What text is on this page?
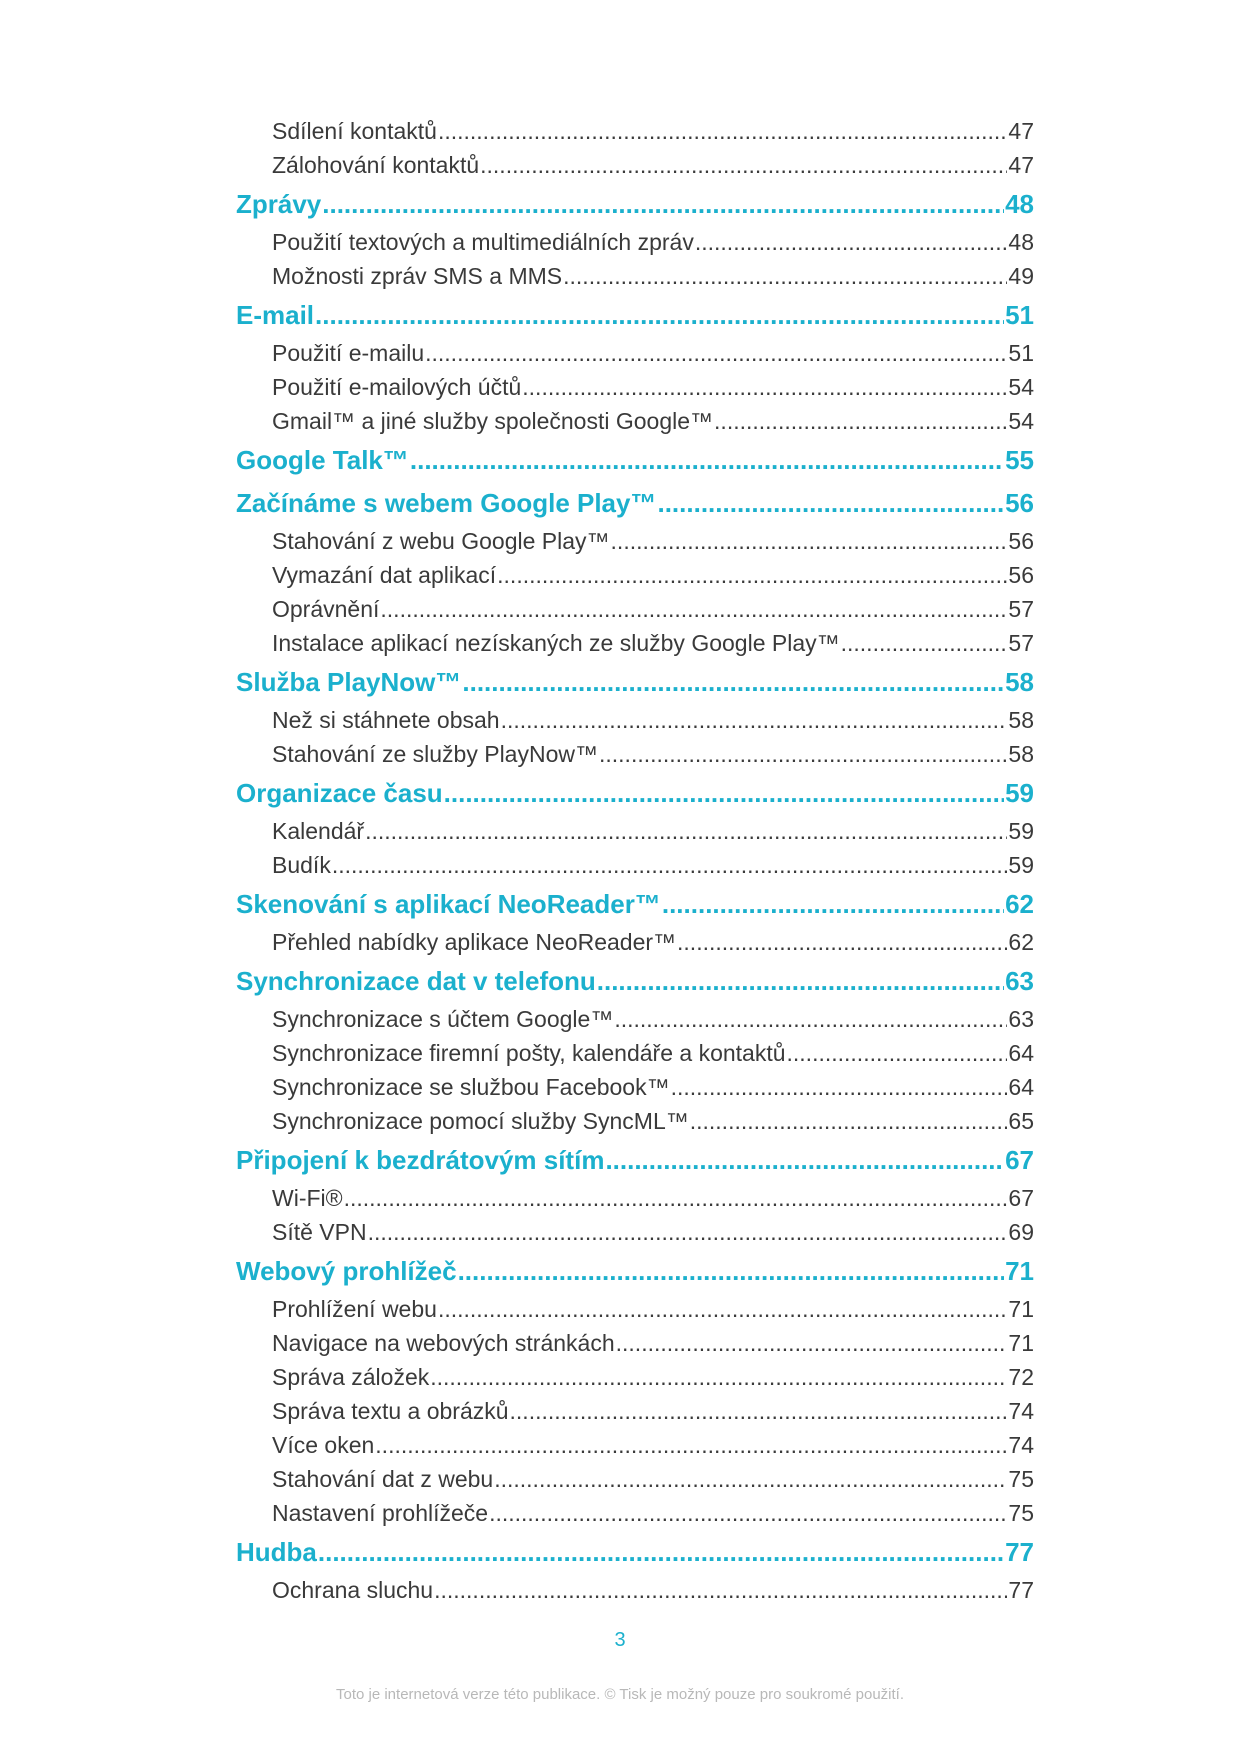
Sdílení kontaktů .....	47
Zálohování kontaktů .....	47
Zprávy .....	48
Použití textových a multimediálních zpráv .....	48
Možnosti zpráv SMS a MMS .....	49
E-mail .....	51
Použití e-mailu .....	51
Použití e-mailových účtů .....	54
Gmail™ a jiné služby společnosti Google™ .....	54
Google Talk™ .....	55
Začínáme s webem Google Play™ .....	56
Stahování z webu Google Play™ .....	56
Vymazání dat aplikací .....	56
Oprávnění .....	57
Instalace aplikací nezískaných ze služby Google Play™ .....	57
Služba PlayNow™ .....	58
Než si stáhnete obsah .....	58
Stahování ze služby PlayNow™ .....	58
Organizace času .....	59
Kalendář .....	59
Budík .....	59
Skenování s aplikací NeoReader™ .....	62
Přehled nabídky aplikace NeoReader™ .....	62
Synchronizace dat v telefonu .....	63
Synchronizace s účtem Google™ .....	63
Synchronizace firemní pošty, kalendáře a kontaktů .....	64
Synchronizace se službou Facebook™ .....	64
Synchronizace pomocí služby SyncML™ .....	65
Připojení k bezdrátovým sítím .....	67
Wi-Fi® .....	67
Sítě VPN .....	69
Webový prohlížeč .....	71
Prohlížení webu .....	71
Navigace na webových stránkách .....	71
Správa záložek .....	72
Správa textu a obrázků .....	74
Více oken .....	74
Stahování dat z webu .....	75
Nastavení prohlížeče .....	75
Hudba .....	77
Ochrana sluchu .....	77
3
Toto je internetová verze této publikace. © Tisk je možný pouze pro soukromé použití.
